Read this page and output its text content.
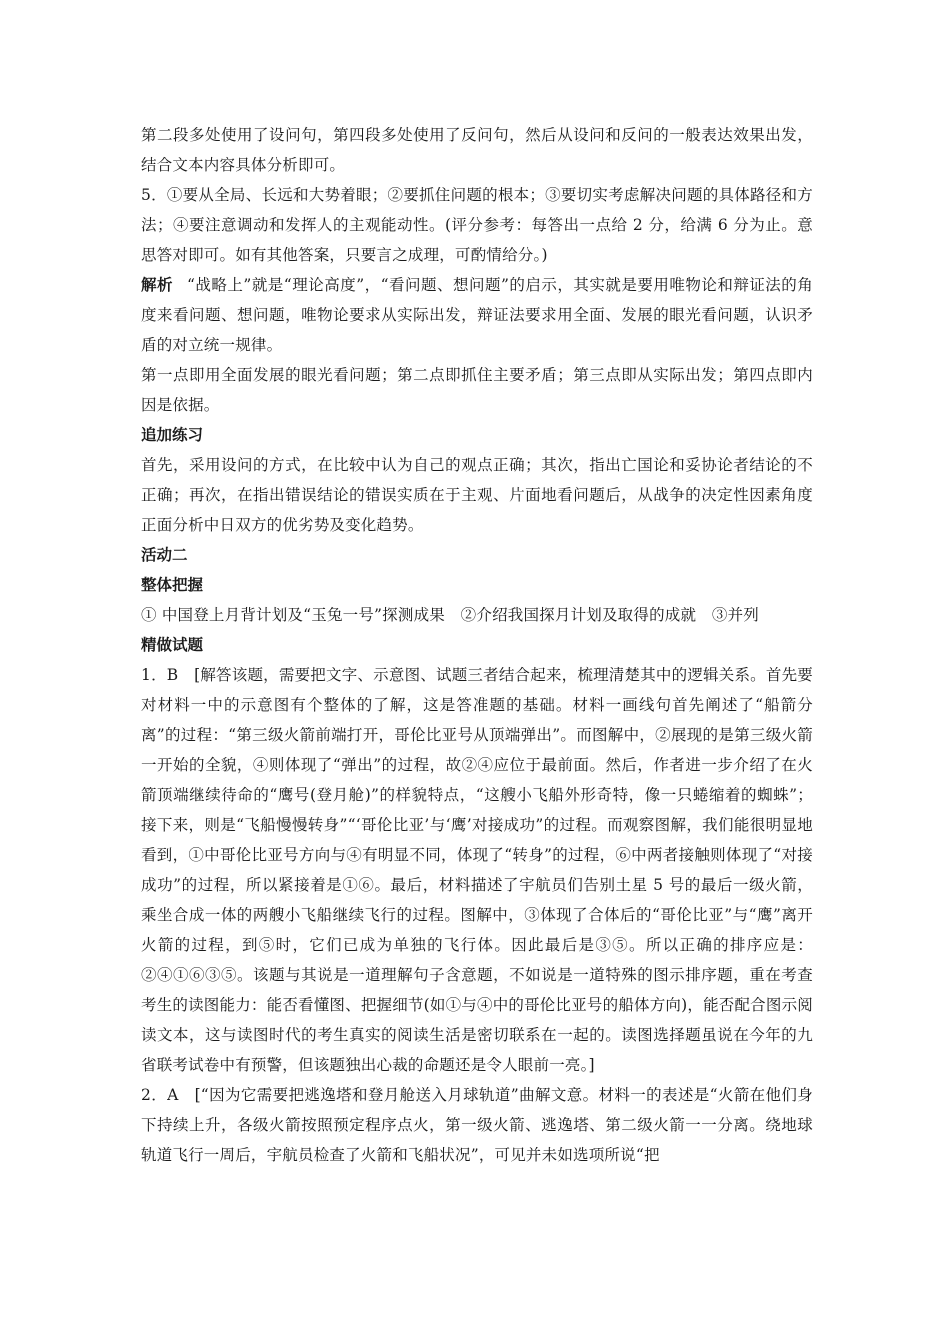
第二段多处使用了设问句，第四段多处使用了反问句，然后从设问和反问的一般表达效果出发，结合文本内容具体分析即可。

5．①要从全局、长远和大势着眼；②要抓住问题的根本；③要切实考虑解决问题的具体路径和方法；④要注意调动和发挥人的主观能动性。(评分参考：每答出一点给 2 分，给满 6 分为止。意思答对即可。如有其他答案，只要言之成理，可酌情给分。)

解析 “战略上”就是“理论高度”，“看问题、想问题”的启示，其实就是要用唯物论和辩证法的角度来看问题、想问题，唯物论要求从实际出发，辩证法要求用全面、发展的眼光看问题，认识矛盾的对立统一规律。

第一点即用全面发展的眼光看问题；第二点即抓住主要矛盾；第三点即从实际出发；第四点即内因是依据。

追加练习

首先，采用设问的方式，在比较中认为自己的观点正确；其次，指出亡国论和妥协论者结论的不正确；再次，在指出错误结论的错误实质在于主观、片面地看问题后，从战争的决定性因素角度正面分析中日双方的优劣势及变化趋势。

活动二
整体把握

① 中国登上月背计划及“玉兔一号”探测成果　②介绍我国探月计划及取得的成就　③并列

精做试题

1．B　[解答该题，需要把文字、示意图、试题三者结合起来，梳理清楚其中的逻辑关系。首先要对材料一中的示意图有个整体的了解，这是答准题的基础。材料一画线句首先阐述了“船箭分离”的过程：“第三级火箭前端打开，哥伦比亚号从顶端弹出”。而图解中，②展现的是第三级火箭一开始的全貌，④则体现了“弹出”的过程，故②④应位于最前面。然后，作者进一步介绍了在火箭顶端继续待命的“鹰号(登月舱)”的样貌特点，“这艘小飞船外形奇特，像一只蜷缩着的蜘蛛”；接下来，则是“飞船慢慢转身”“‘哥伦比亚’与‘鹰’对接成功”的过程。而观察图解，我们能很明显地看到，①中哥伦比亚号方向与④有明显不同，体现了“转身”的过程，⑥中两者接触则体现了“对接成功”的过程，所以紧接着是①⑥。最后，材料描述了宇航员们告别土星 5 号的最后一级火箭，乘坐合成一体的两艘小飞船继续飞行的过程。图解中，③体现了合体后的“哥伦比亚”与“鹰”离开火箭的过程，到⑤时，它们已成为单独的飞行体。因此最后是③⑤。所以正确的排序应是：②④①⑥③⑤。该题与其说是一道理解句子含意题，不如说是一道特殊的图示排序题，重在考查考生的读图能力：能否看懂图、把握细节(如①与④中的哥伦比亚号的船体方向)，能否配合图示阅读文本，这与读图时代的考生真实的阅读生活是密切联系在一起的。读图选择题虽说在今年的九省联考试卷中有预警，但该题独出心裁的命题还是令人眼前一亮。]

2．A　[“因为它需要把逃逸塔和登月舱送入月球轨道”曲解文意。材料一的表述是“火箭在他们身下持续上升，各级火箭按照预定程序点火，第一级火箭、逃逸塔、第二级火箭一一分离。绕地球轨道飞行一周后，宇航员检查了火箭和飞船状况”，可见并未如选项所说“把
